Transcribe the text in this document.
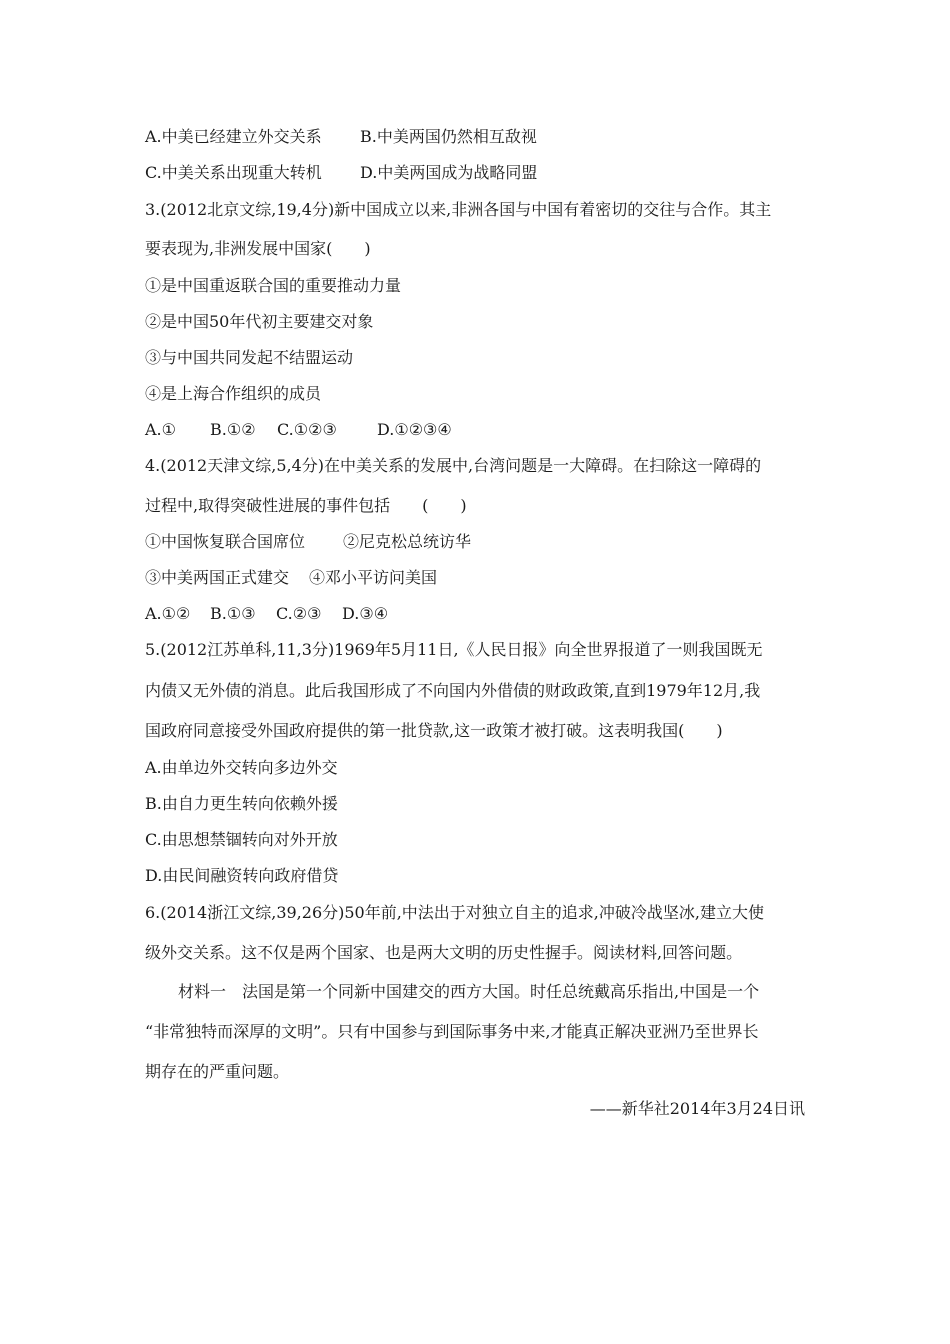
A.中美已经建立外交关系 B.中美两国仍然相互敌视
C.中美关系出现重大转机 D.中美两国成为战略同盟
3.(2012北京文综,19,4分)新中国成立以来,非洲各国与中国有着密切的交往与合作。其主
要表现为,非洲发展中国家(　　)
①是中国重返联合国的重要推动力量
②是中国50年代初主要建交对象
③与中国共同发起不结盟运动
④是上海合作组织的成员
A.① B.①② C.①②③	D.①②③④
4.(2012天津文综,5,4分)在中美关系的发展中,台湾问题是一大障碍。在扫除这一障碍的
过程中,取得突破性进展的事件包括　　(　　)
①中国恢复联合国席位 ②尼克松总统访华
③中美两国正式建交 ④邓小平访问美国
A.①② B.①③ C.②③ D.③④
5.(2012江苏单科,11,3分)1969年5月11日,《人民日报》向全世界报道了一则我国既无
内债又无外债的消息。此后我国形成了不向国内外借债的财政政策,直到1979年12月,我
国政府同意接受外国政府提供的第一批贷款,这一政策才被打破。这表明我国(　　)
A.由单边外交转向多边外交
B.由自力更生转向依赖外援
C.由思想禁锢转向对外开放
D.由民间融资转向政府借贷
6.(2014浙江文综,39,26分)50年前,中法出于对独立自主的追求,冲破冷战坚冰,建立大使
级外交关系。这不仅是两个国家、也是两大文明的历史性握手。阅读材料,回答问题。
材料一　法国是第一个同新中国建交的西方大国。时任总统戴高乐指出,中国是一个
“非常独特而深厚的文明”。只有中国参与到国际事务中来,才能真正解决亚洲乃至世界长
期存在的严重问题。
——新华社2014年3月24日讯
